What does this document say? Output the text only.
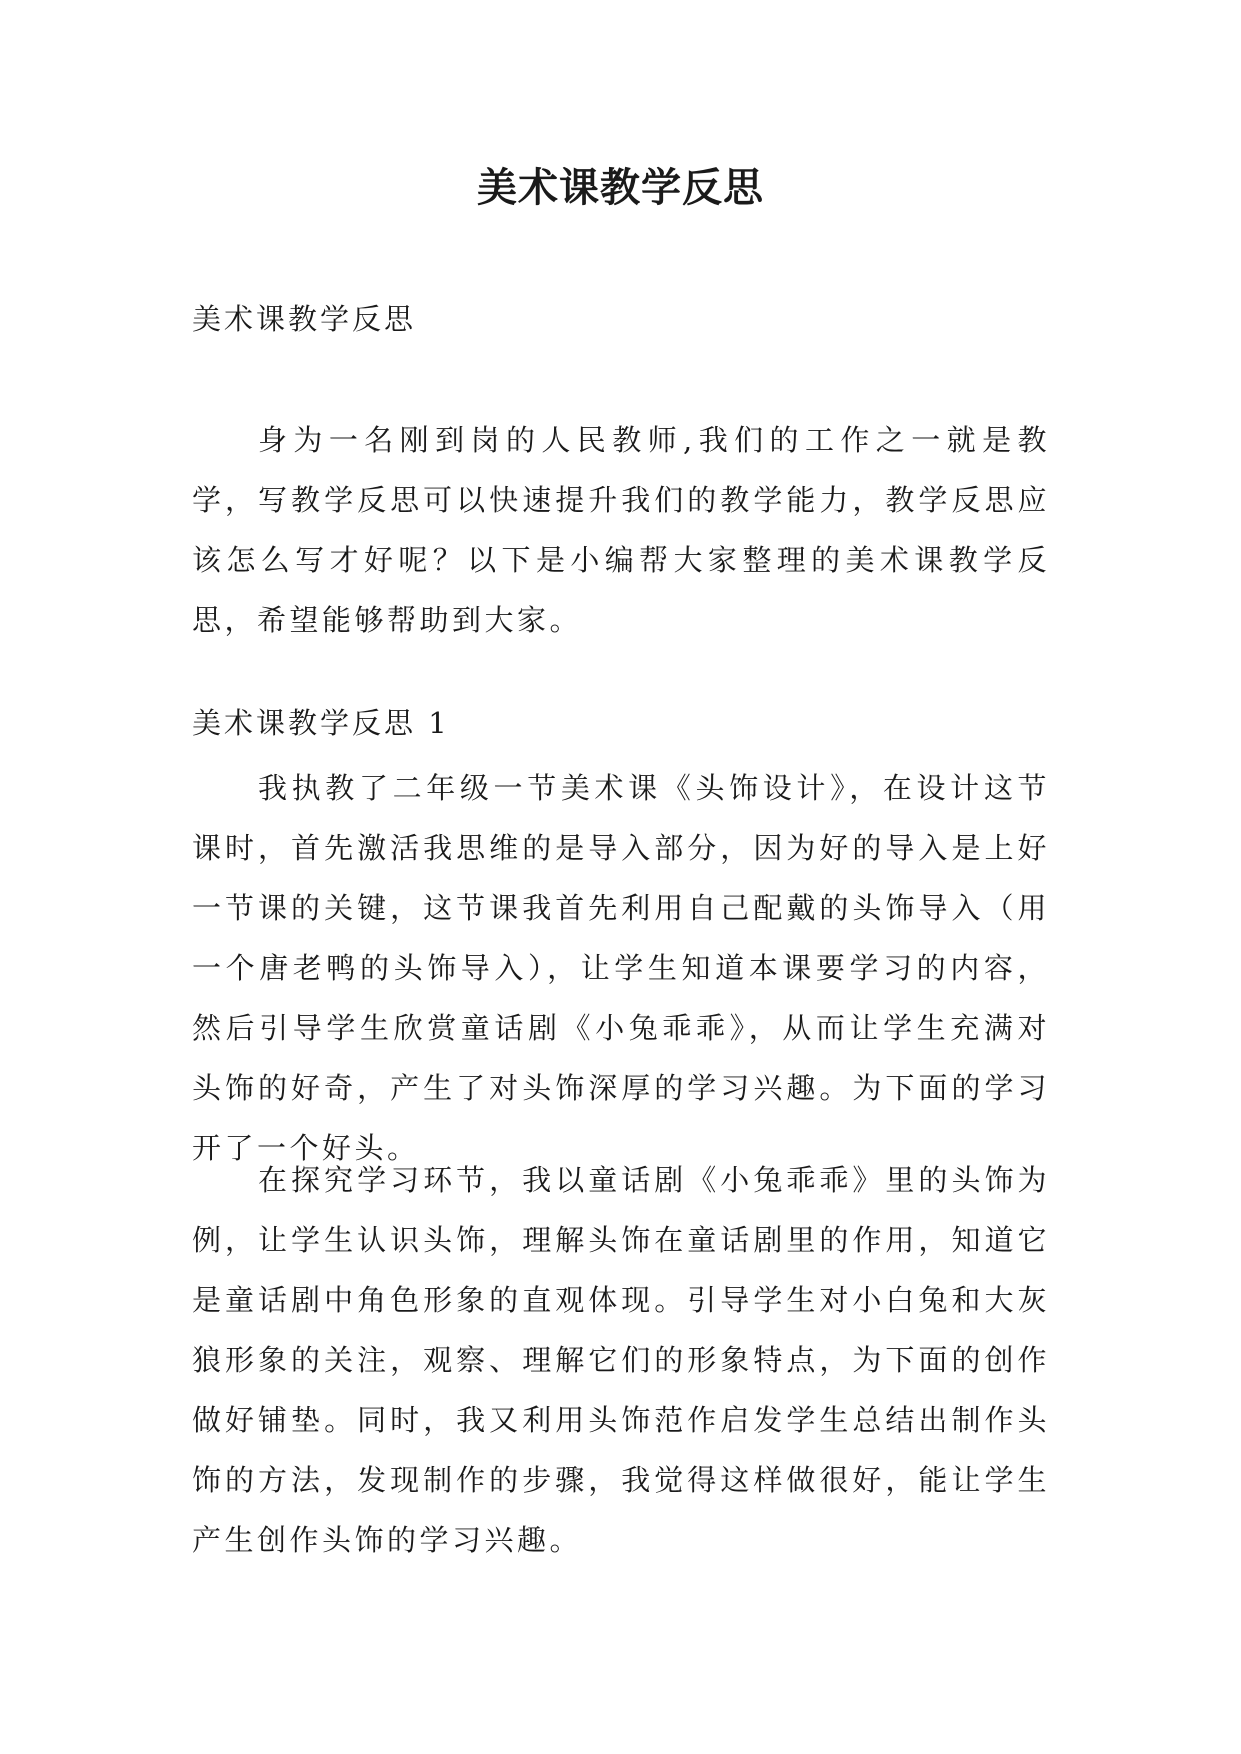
美术课教学反思

美术课教学反思

身为一名刚到岗的人民教师,我们的工作之一就是教学，写教学反思可以快速提升我们的教学能力，教学反思应该怎么写才好呢？以下是小编帮大家整理的美术课教学反思，希望能够帮助到大家。

美术课教学反思 1

我执教了二年级一节美术课《头饰设计》，在设计这节课时，首先激活我思维的是导入部分，因为好的导入是上好一节课的关键，这节课我首先利用自己配戴的头饰导入（用一个唐老鸭的头饰导入），让学生知道本课要学习的内容，然后引导学生欣赏童话剧《小兔乖乖》，从而让学生充满对头饰的好奇，产生了对头饰深厚的学习兴趣。为下面的学习开了一个好头。

在探究学习环节，我以童话剧《小兔乖乖》里的头饰为例，让学生认识头饰，理解头饰在童话剧里的作用，知道它是童话剧中角色形象的直观体现。引导学生对小白兔和大灰狼形象的关注，观察、理解它们的形象特点，为下面的创作做好铺垫。同时，我又利用头饰范作启发学生总结出制作头饰的方法，发现制作的步骤，我觉得这样做很好，能让学生产生创作头饰的学习兴趣。
